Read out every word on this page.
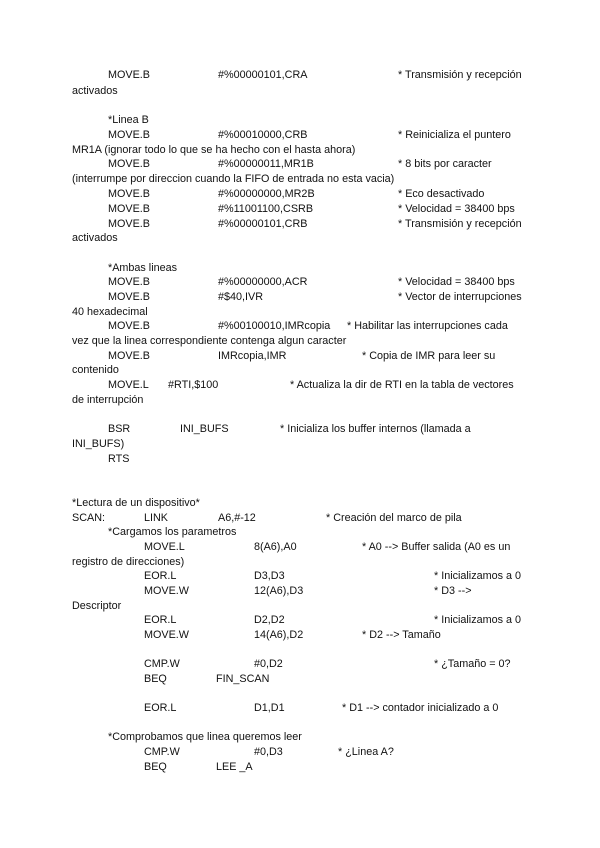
MOVE.B	#%00000101,CRA	* Transmisión y recepción
activados
*Linea B
MOVE.B	#%00010000,CRB	* Reinicializa el puntero
MR1A (ignorar todo lo que se ha hecho con el hasta ahora)
MOVE.B	#%00000011,MR1B	* 8 bits por caracter
(interrumpe por direccion cuando la FIFO de entrada no esta vacia)
MOVE.B	#%00000000,MR2B	* Eco desactivado
MOVE.B	#%11001100,CSRB	* Velocidad = 38400 bps
MOVE.B	#%00000101,CRB	* Transmisión y recepción
activados
*Ambas lineas
MOVE.B	#%00000000,ACR	* Velocidad = 38400 bps
MOVE.B	#$40,IVR	* Vector de interrupciones
40 hexadecimal
MOVE.B	#%00100010,IMRcopia * Habilitar las interrupciones cada
vez que la linea correspondiente contenga algun caracter
MOVE.B	IMRcopia,IMR	* Copia de IMR para leer su
contenido
MOVE.L #RTI,$100	* Actualiza la dir de RTI en la tabla de vectores
de interrupción
BSR	INI_BUFS	* Inicializa los buffer internos (llamada a
INI_BUFS)
RTS
*Lectura de un dispositivo*
SCAN:	LINK	A6,#-12	* Creación del marco de pila
*Cargamos los parametros
MOVE.L	8(A6),A0	* A0 --> Buffer salida (A0 es un
registro de direcciones)
EOR.L	D3,D3	* Inicializamos a 0
MOVE.W	12(A6),D3	* D3 -->
Descriptor
EOR.L	D2,D2	* Inicializamos a 0
MOVE.W	14(A6),D2	* D2 --> Tamaño
CMP.W	#0,D2	* ¿Tamaño = 0?
BEQ	FIN_SCAN
EOR.L	D1,D1	* D1 --> contador inicializado a 0
*Comprobamos que linea queremos leer
CMP.W	#0,D3	* ¿Linea A?
BEQ	LEE _A
